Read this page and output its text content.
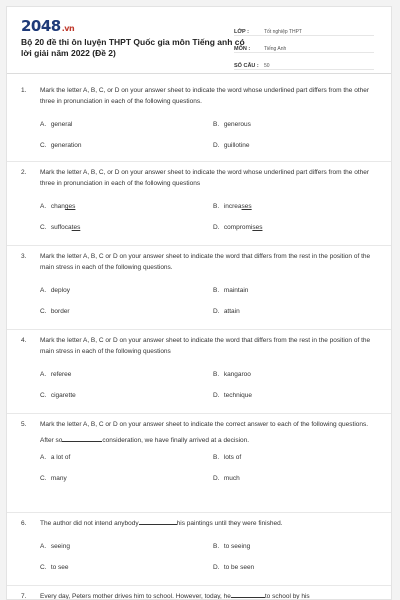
2048.vn
Bộ 20 đề thi ôn luyện THPT Quốc gia môn Tiếng anh có lời giải năm 2022 (Đề 2)
LỚP :	Tốt nghiệp THPT
MÔN :	Tiếng Anh
SỐ CÂU :	50
1.	Mark the letter A, B, C, or D on your answer sheet to indicate the word whose underlined part differs from the other three in pronunciation in each of the following questions.
A. general	B. generous
C. generation	D. guillotine
2.	Mark the letter A, B, C, or D on your answer sheet to indicate the word whose underlined part differs from the other three in pronunciation in each of the following questions
A. changes	B. increases
C. suffocates	D. compromises
3.	Mark the letter A, B, C or D on your answer sheet to indicate the word that differs from the rest in the position of the main stress in each of the following questions.
A. deploy	B. maintain
C. border	D. attain
4.	Mark the letter A, B, C or D on your answer sheet to indicate the word that differs from the rest in the position of the main stress in each of the following questions
A. referee	B. kangaroo
C. cigarette	D. technique
5.	Mark the letter A, B, C or D on your answer sheet to indicate the correct answer to each of the following questions.
After so	consideration, we have finally arrived at a decision.
A. a lot of	B. lots of
C. many	D. much
6.	The author did not intend anybody	his paintings until they were finished.
A. seeing	B. to seeing
C. to see	D. to be seen
7.	Every day, Peters mother drives him to school. However, today, he	to school by his
